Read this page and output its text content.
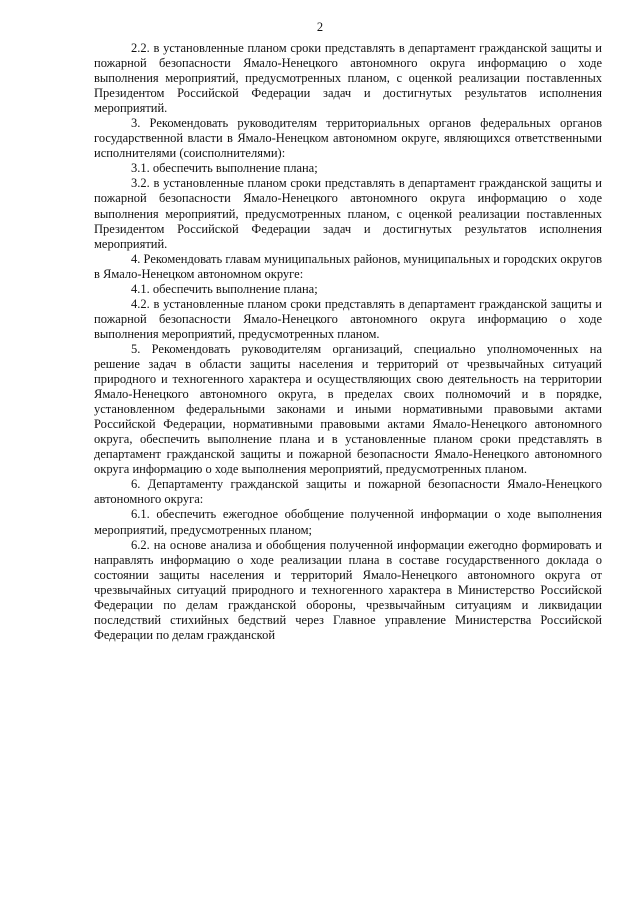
2

2.2. в установленные планом сроки представлять в департамент гражданской защиты и пожарной безопасности Ямало-Ненецкого автономного округа информацию о ходе выполнения мероприятий, предусмотренных планом, с оценкой реализации поставленных Президентом Российской Федерации задач и достигнутых результатов исполнения мероприятий.

3. Рекомендовать руководителям территориальных органов федеральных органов государственной власти в Ямало-Ненецком автономном округе, являющихся ответственными исполнителями (соисполнителями):

3.1. обеспечить выполнение плана;

3.2. в установленные планом сроки представлять в департамент гражданской защиты и пожарной безопасности Ямало-Ненецкого автономного округа информацию о ходе выполнения мероприятий, предусмотренных планом, с оценкой реализации поставленных Президентом Российской Федерации задач и достигнутых результатов исполнения мероприятий.

4. Рекомендовать главам муниципальных районов, муниципальных и городских округов в Ямало-Ненецком автономном округе:

4.1. обеспечить выполнение плана;

4.2. в установленные планом сроки представлять в департамент гражданской защиты и пожарной безопасности Ямало-Ненецкого автономного округа информацию о ходе выполнения мероприятий, предусмотренных планом.

5. Рекомендовать руководителям организаций, специально уполномоченных на решение задач в области защиты населения и территорий от чрезвычайных ситуаций природного и техногенного характера и осуществляющих свою деятельность на территории Ямало-Ненецкого автономного округа, в пределах своих полномочий и в порядке, установленном федеральными законами и иными нормативными правовыми актами Российской Федерации, нормативными правовыми актами Ямало-Ненецкого автономного округа, обеспечить выполнение плана и в установленные планом сроки представлять в департамент гражданской защиты и пожарной безопасности Ямало-Ненецкого автономного округа информацию о ходе выполнения мероприятий, предусмотренных планом.

6. Департаменту гражданской защиты и пожарной безопасности Ямало-Ненецкого автономного округа:

6.1. обеспечить ежегодное обобщение полученной информации о ходе выполнения мероприятий, предусмотренных планом;

6.2. на основе анализа и обобщения полученной информации ежегодно формировать и направлять информацию о ходе реализации плана в составе государственного доклада о состоянии защиты населения и территорий Ямало-Ненецкого автономного округа от чрезвычайных ситуаций природного и техногенного характера в Министерство Российской Федерации по делам гражданской обороны, чрезвычайным ситуациям и ликвидации последствий стихийных бедствий через Главное управление Министерства Российской Федерации по делам гражданской
